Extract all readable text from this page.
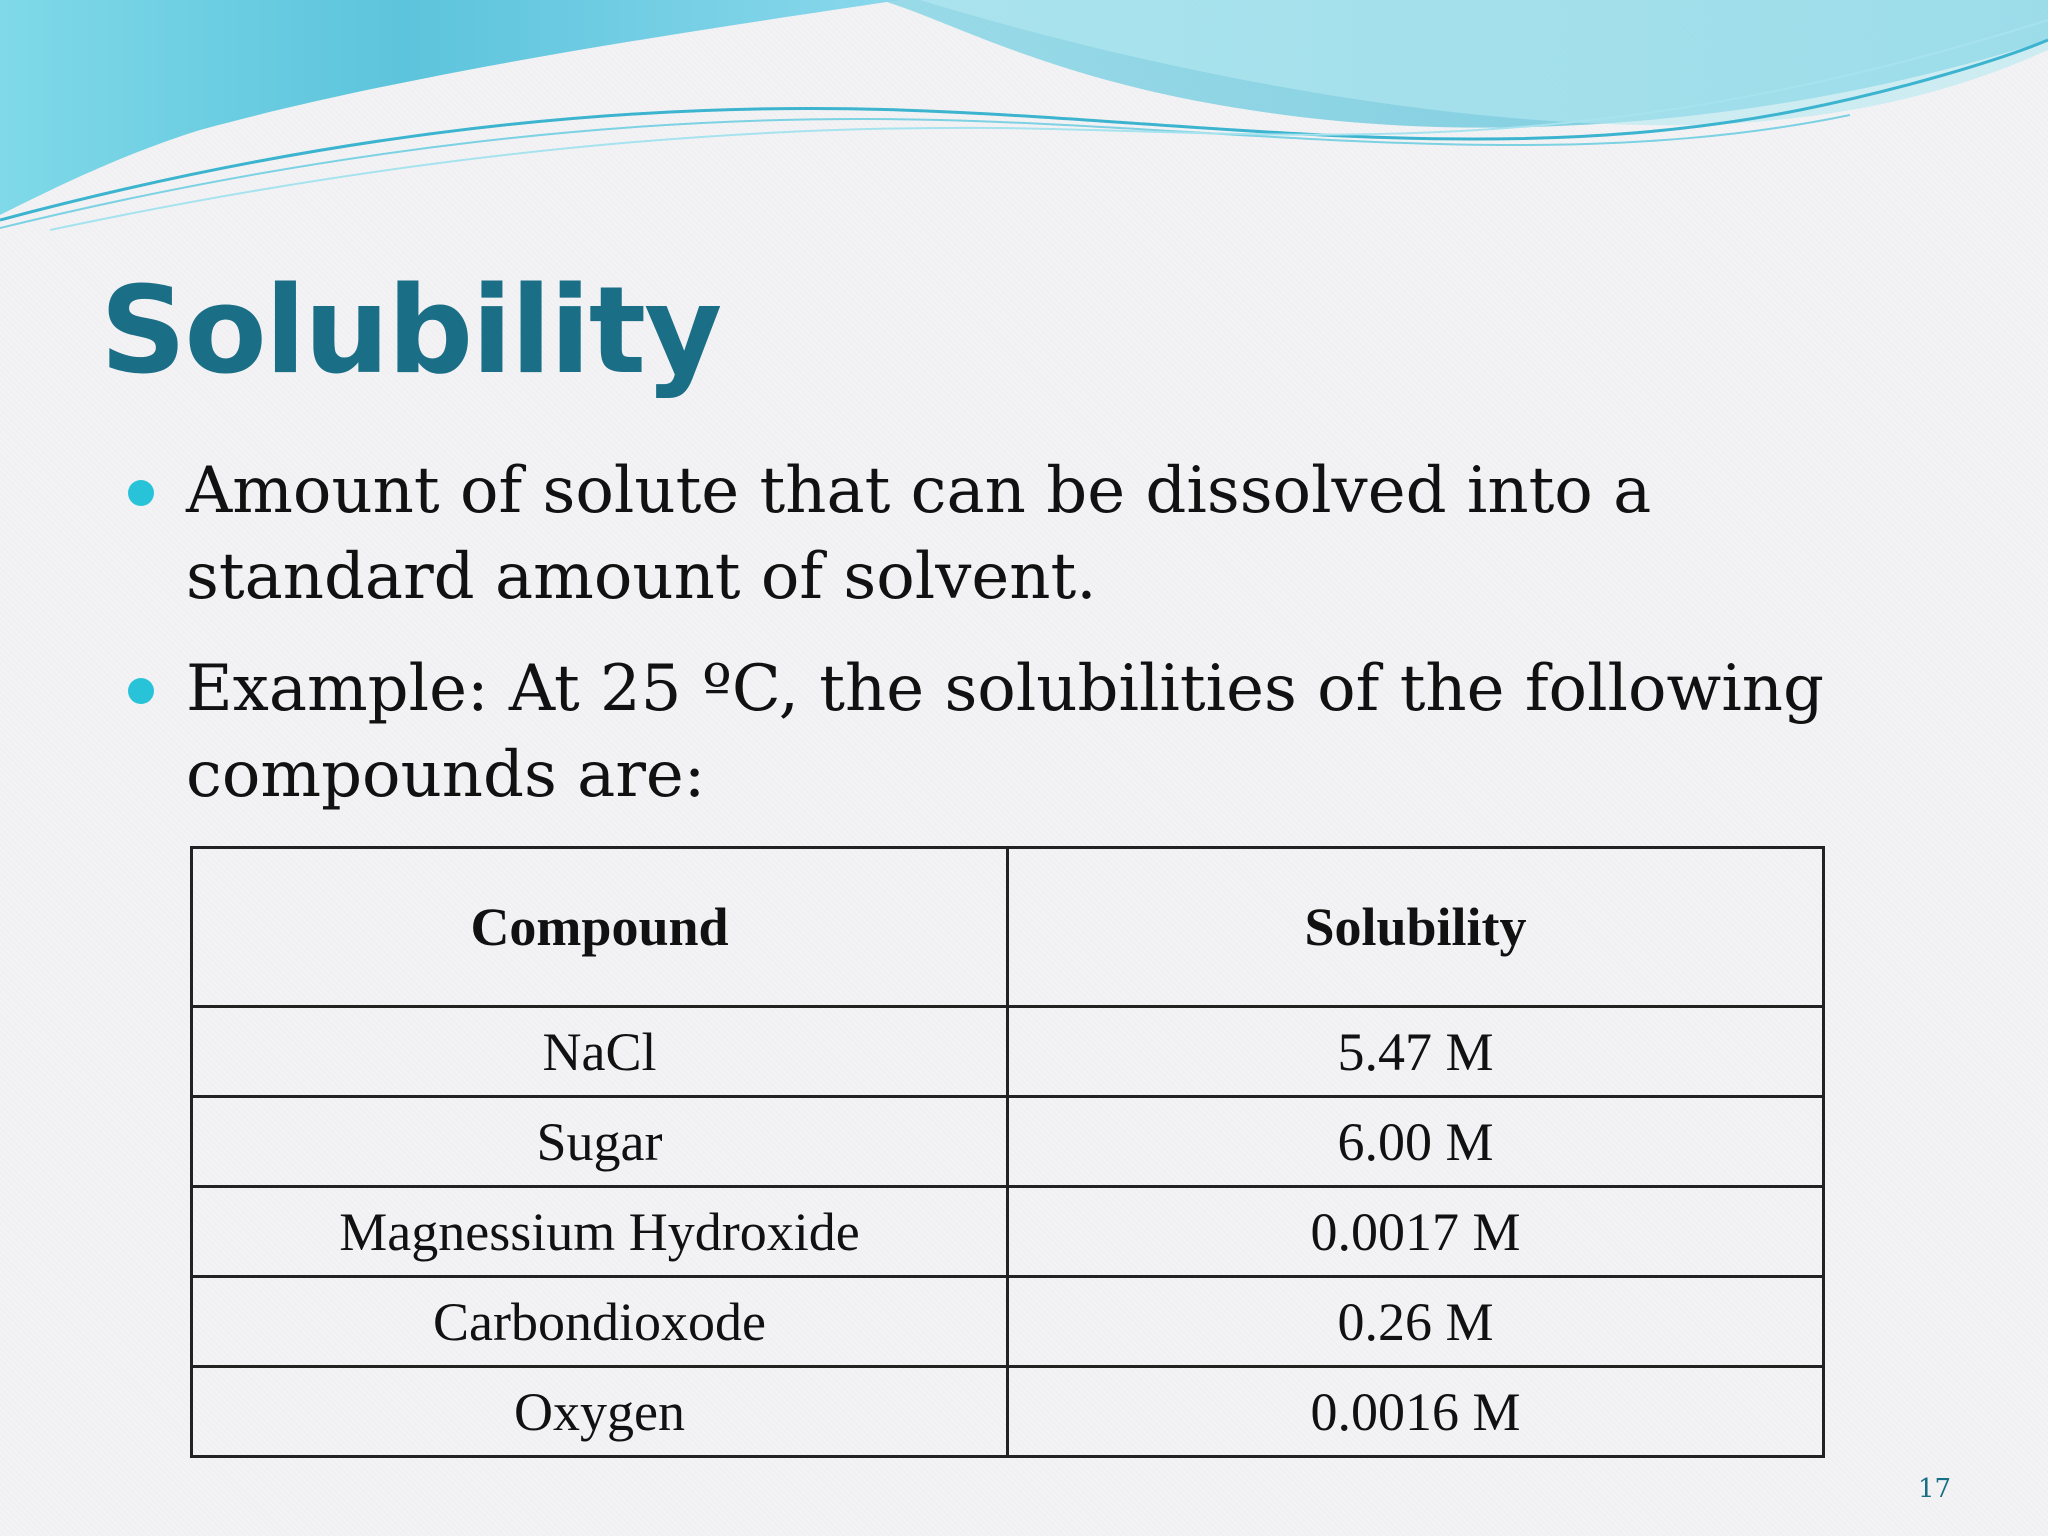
Solubility
Amount of solute that can be dissolved into a standard amount of solvent.
Example: At 25 ºC, the solubilities of the following compounds are:
Compound	Solubility
NaCl	5.47 M
Sugar	6.00 M
Magnessium Hydroxide	0.0017 M
Carbondioxode	0.26 M
Oxygen	0.0016 M
17
